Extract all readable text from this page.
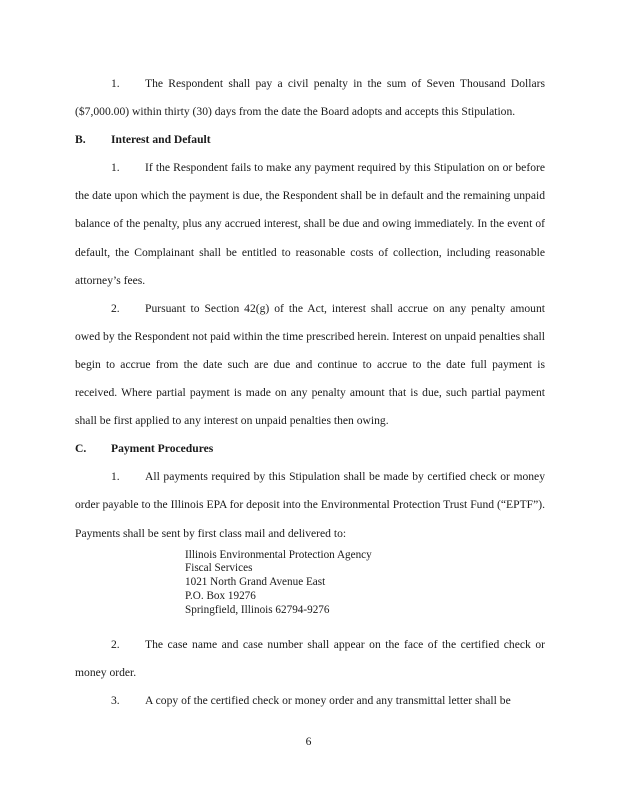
1. The Respondent shall pay a civil penalty in the sum of Seven Thousand Dollars ($7,000.00) within thirty (30) days from the date the Board adopts and accepts this Stipulation.

B.	Interest and Default

1. If the Respondent fails to make any payment required by this Stipulation on or before the date upon which the payment is due, the Respondent shall be in default and the remaining unpaid balance of the penalty, plus any accrued interest, shall be due and owing immediately. In the event of default, the Complainant shall be entitled to reasonable costs of collection, including reasonable attorney’s fees.

2. Pursuant to Section 42(g) of the Act, interest shall accrue on any penalty amount owed by the Respondent not paid within the time prescribed herein. Interest on unpaid penalties shall begin to accrue from the date such are due and continue to accrue to the date full payment is received. Where partial payment is made on any penalty amount that is due, such partial payment shall be first applied to any interest on unpaid penalties then owing.

C.	Payment Procedures

1. All payments required by this Stipulation shall be made by certified check or money order payable to the Illinois EPA for deposit into the Environmental Protection Trust Fund (“EPTF”). Payments shall be sent by first class mail and delivered to:

Illinois Environmental Protection Agency
Fiscal Services
1021 North Grand Avenue East
P.O. Box 19276
Springfield, Illinois 62794-9276

2. The case name and case number shall appear on the face of the certified check or money order.

3. A copy of the certified check or money order and any transmittal letter shall be

6
